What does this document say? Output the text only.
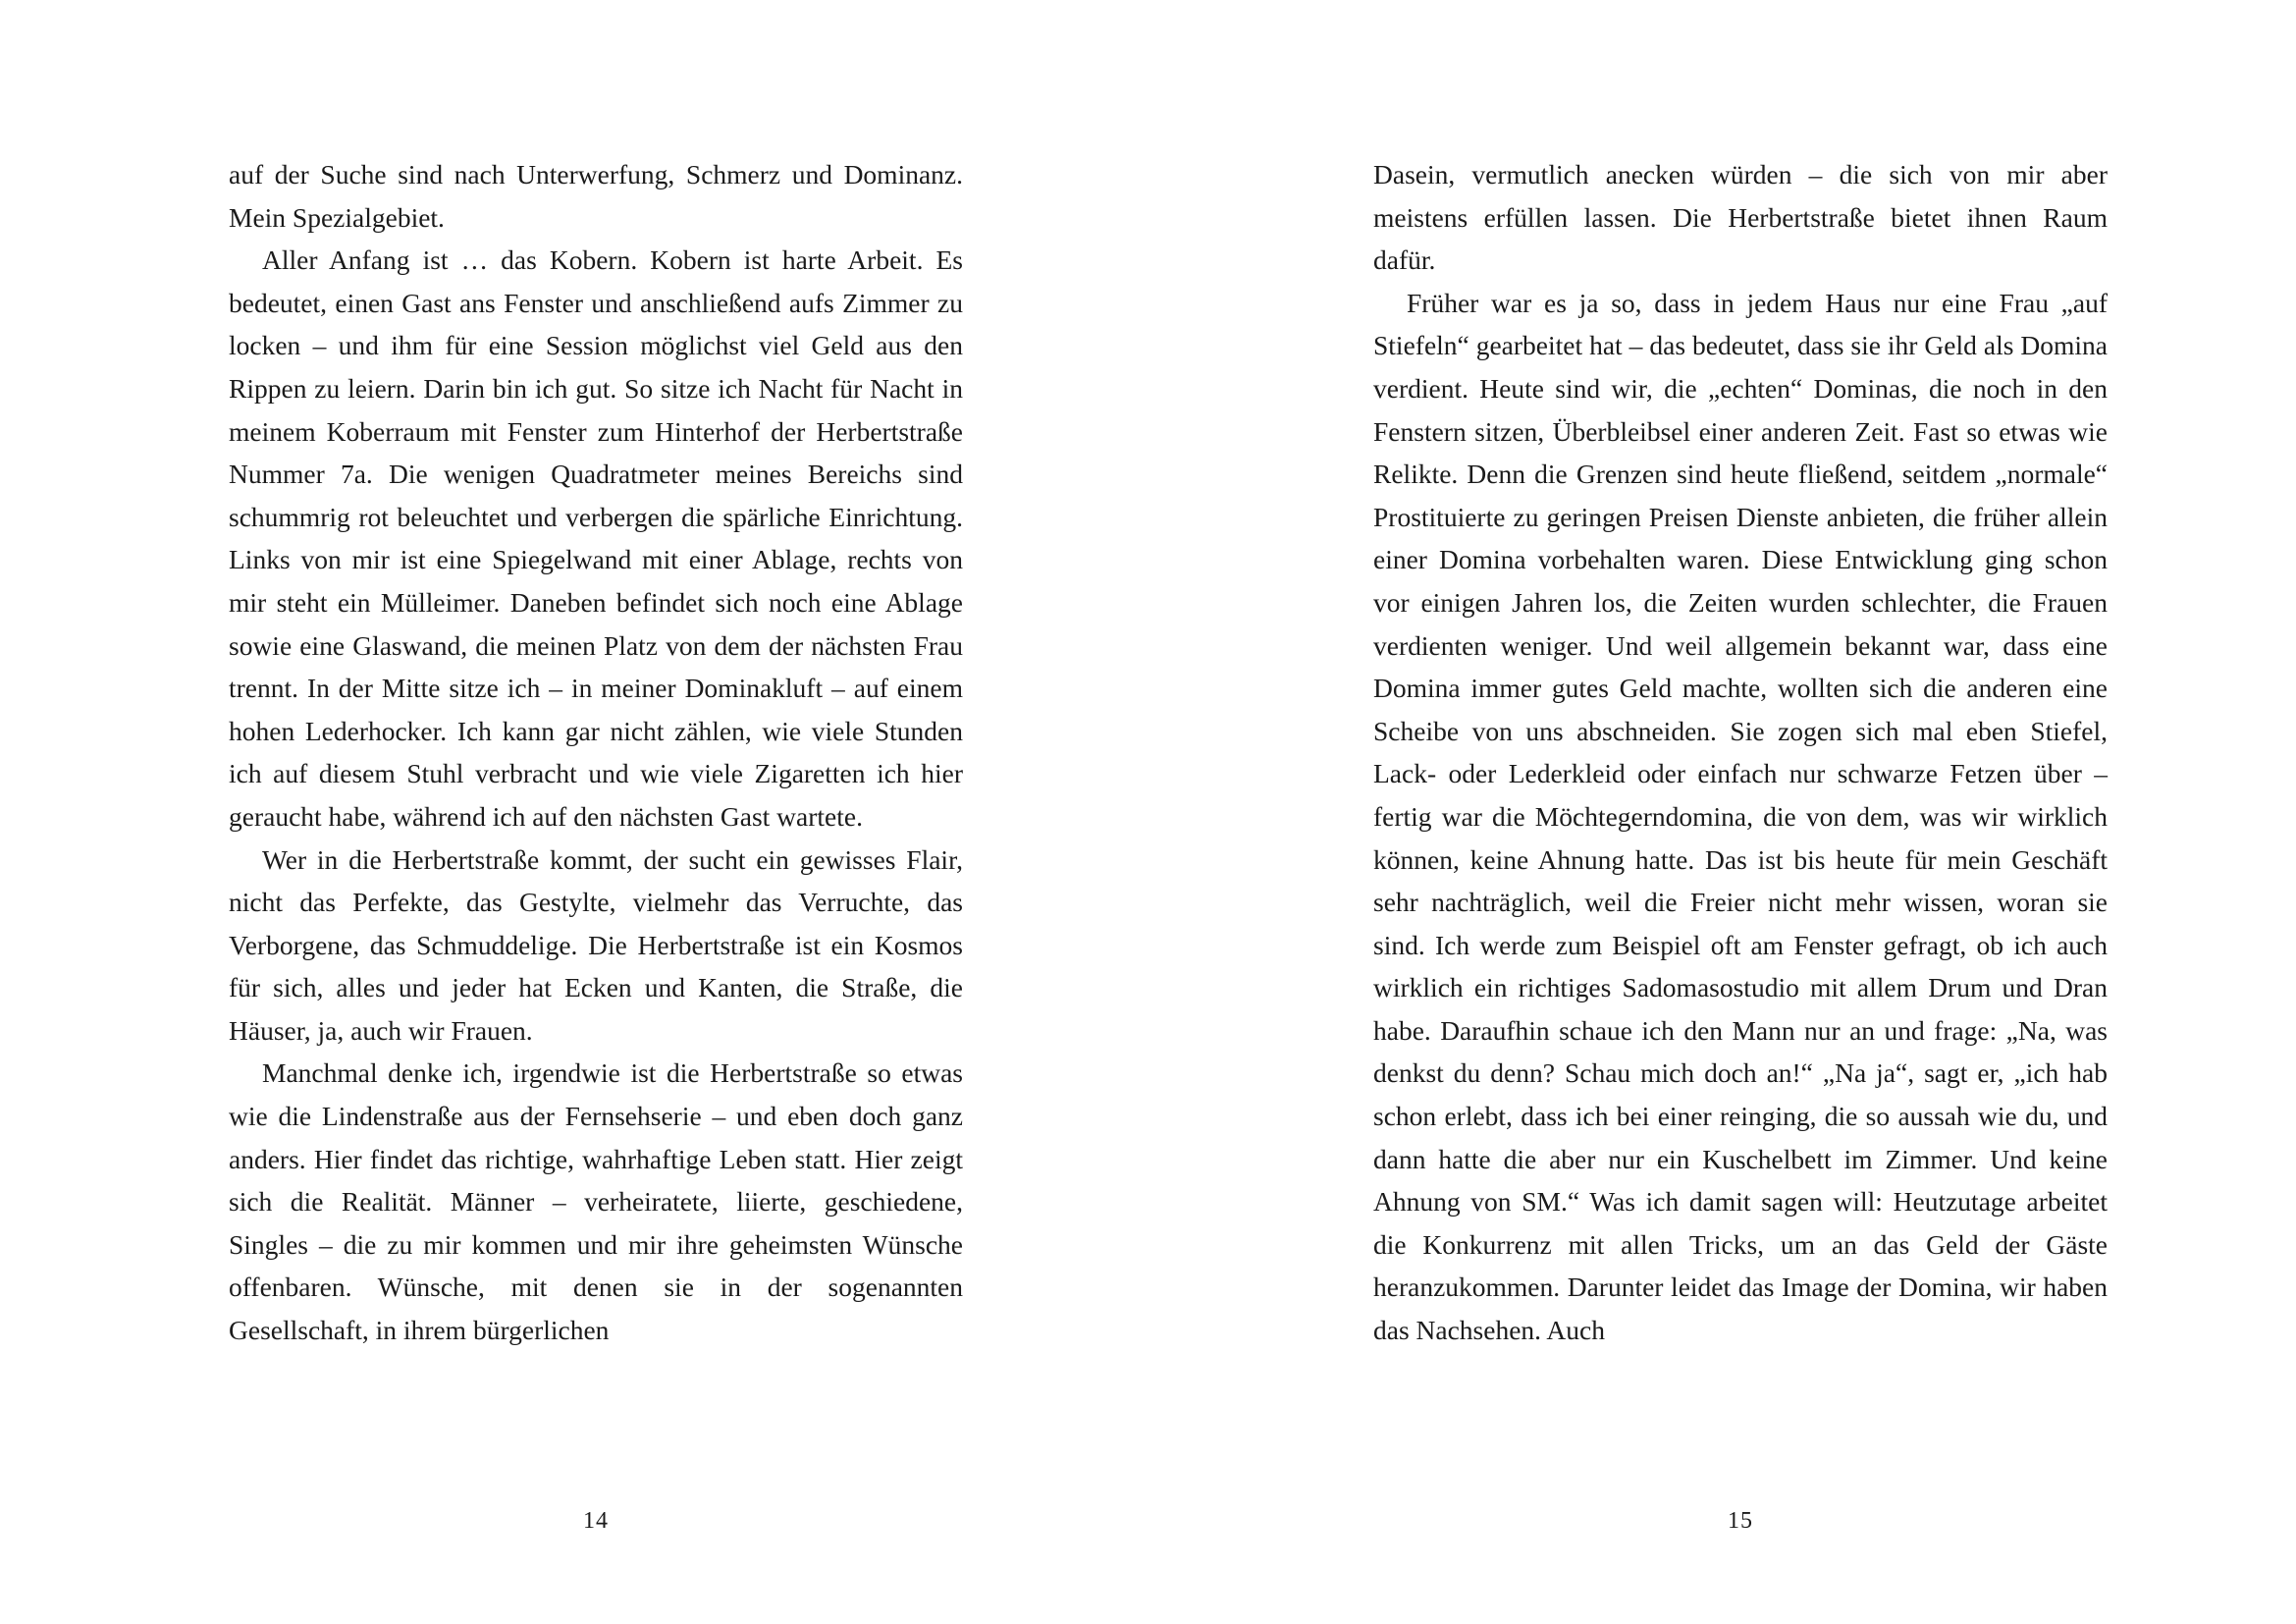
auf der Suche sind nach Unterwerfung, Schmerz und Dominanz. Mein Spezialgebiet.

Aller Anfang ist … das Kobern. Kobern ist harte Arbeit. Es bedeutet, einen Gast ans Fenster und anschließend aufs Zimmer zu locken – und ihm für eine Session möglichst viel Geld aus den Rippen zu leiern. Darin bin ich gut. So sitze ich Nacht für Nacht in meinem Koberraum mit Fenster zum Hinterhof der Herbertstraße Nummer 7a. Die wenigen Quadratmeter meines Bereichs sind schummrig rot beleuchtet und verbergen die spärliche Einrichtung. Links von mir ist eine Spiegelwand mit einer Ablage, rechts von mir steht ein Mülleimer. Daneben befindet sich noch eine Ablage sowie eine Glaswand, die meinen Platz von dem der nächsten Frau trennt. In der Mitte sitze ich – in meiner Dominakluft – auf einem hohen Lederhocker. Ich kann gar nicht zählen, wie viele Stunden ich auf diesem Stuhl verbracht und wie viele Zigaretten ich hier geraucht habe, während ich auf den nächsten Gast wartete.

Wer in die Herbertstraße kommt, der sucht ein gewisses Flair, nicht das Perfekte, das Gestylte, vielmehr das Verruchte, das Verborgene, das Schmuddelige. Die Herbertstraße ist ein Kosmos für sich, alles und jeder hat Ecken und Kanten, die Straße, die Häuser, ja, auch wir Frauen.

Manchmal denke ich, irgendwie ist die Herbertstraße so etwas wie die Lindenstraße aus der Fernsehserie – und eben doch ganz anders. Hier findet das richtige, wahrhaftige Leben statt. Hier zeigt sich die Realität. Männer – verheiratete, liierte, geschiedene, Singles – die zu mir kommen und mir ihre geheimsten Wünsche offenbaren. Wünsche, mit denen sie in der sogenannten Gesellschaft, in ihrem bürgerlichen

Dasein, vermutlich anecken würden – die sich von mir aber meistens erfüllen lassen. Die Herbertstraße bietet ihnen Raum dafür.

Früher war es ja so, dass in jedem Haus nur eine Frau „auf Stiefeln“ gearbeitet hat – das bedeutet, dass sie ihr Geld als Domina verdient. Heute sind wir, die „echten“ Dominas, die noch in den Fenstern sitzen, Überbleibsel einer anderen Zeit. Fast so etwas wie Relikte. Denn die Grenzen sind heute fließend, seitdem „normale“ Prostituierte zu geringen Preisen Dienste anbieten, die früher allein einer Domina vorbehalten waren. Diese Entwicklung ging schon vor einigen Jahren los, die Zeiten wurden schlechter, die Frauen verdienten weniger. Und weil allgemein bekannt war, dass eine Domina immer gutes Geld machte, wollten sich die anderen eine Scheibe von uns abschneiden. Sie zogen sich mal eben Stiefel, Lack- oder Lederkleid oder einfach nur schwarze Fetzen über – fertig war die Möchtegerndomina, die von dem, was wir wirklich können, keine Ahnung hatte. Das ist bis heute für mein Geschäft sehr nachträglich, weil die Freier nicht mehr wissen, woran sie sind. Ich werde zum Beispiel oft am Fenster gefragt, ob ich auch wirklich ein richtiges Sadomasostudio mit allem Drum und Dran habe. Daraufhin schaue ich den Mann nur an und frage: „Na, was denkst du denn? Schau mich doch an!“ „Na ja“, sagt er, „ich hab schon erlebt, dass ich bei einer reinging, die so aussah wie du, und dann hatte die aber nur ein Kuschelbett im Zimmer. Und keine Ahnung von SM.“ Was ich damit sagen will: Heutzutage arbeitet die Konkurrenz mit allen Tricks, um an das Geld der Gäste heranzukommen. Darunter leidet das Image der Domina, wir haben das Nachsehen. Auch

14	15
